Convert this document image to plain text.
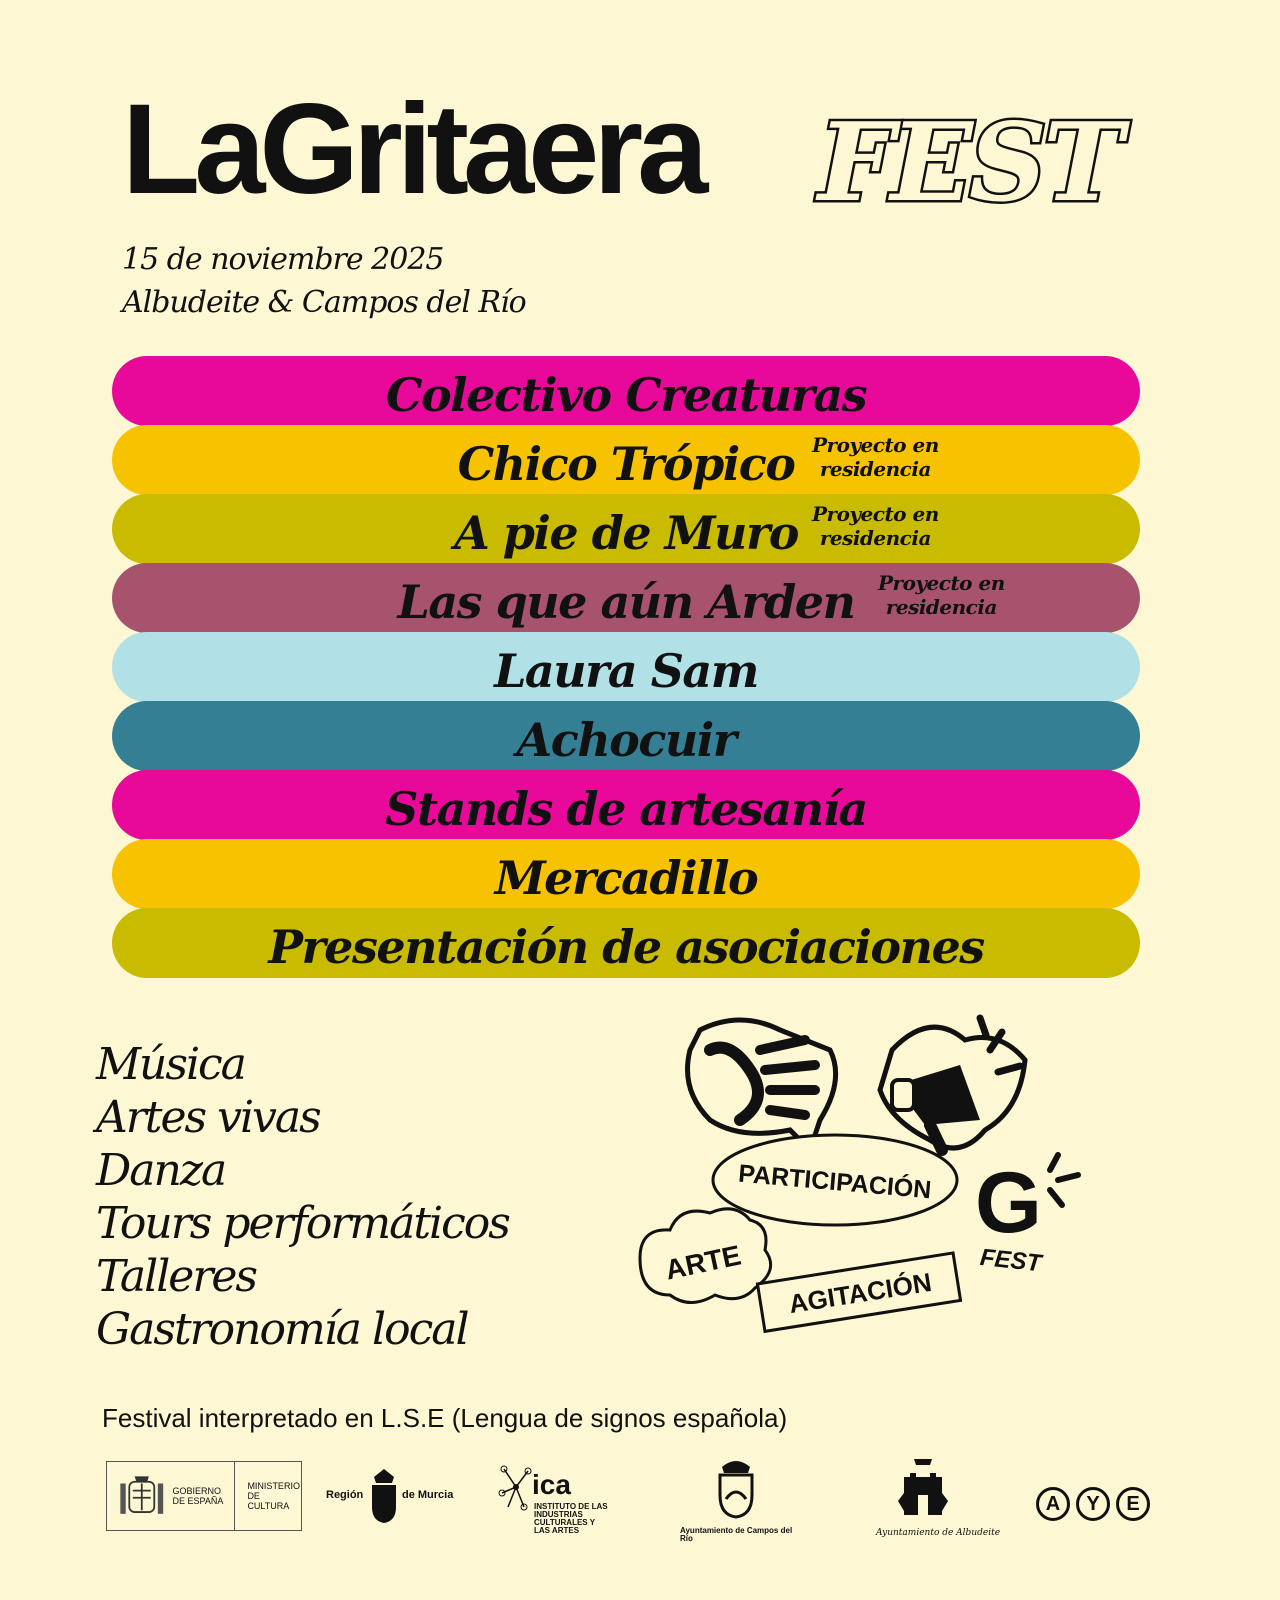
LaGritaera FEST
15 de noviembre 2025
Albudeite & Campos del Río
Colectivo Creaturas
Chico Trópico Proyecto en
residencia
A pie de Muro Proyecto en
residencia
Las que aún Arden Proyecto en
residencia
Laura Sam
Achocuir
Stands de artesanía
Mercadillo
Presentación de asociaciones
Música
Artes vivas
Danza
Tours performáticos
Talleres
Gastronomía local
PARTICIPACIÓN
ARTE
AGITACIÓN
G
FEST
Festival interpretado en L.S.E (Lengua de signos española)
GOBIERNO DE ESPAÑA
MINISTERIO DE CULTURA
Región	de Murcia	ica
INSTITUTO DE LAS INDUSTRIAS CULTURALES Y LAS ARTES	Ayuntamiento de Campos del Río
Ayuntamiento de Albudeite
A	Y	E
